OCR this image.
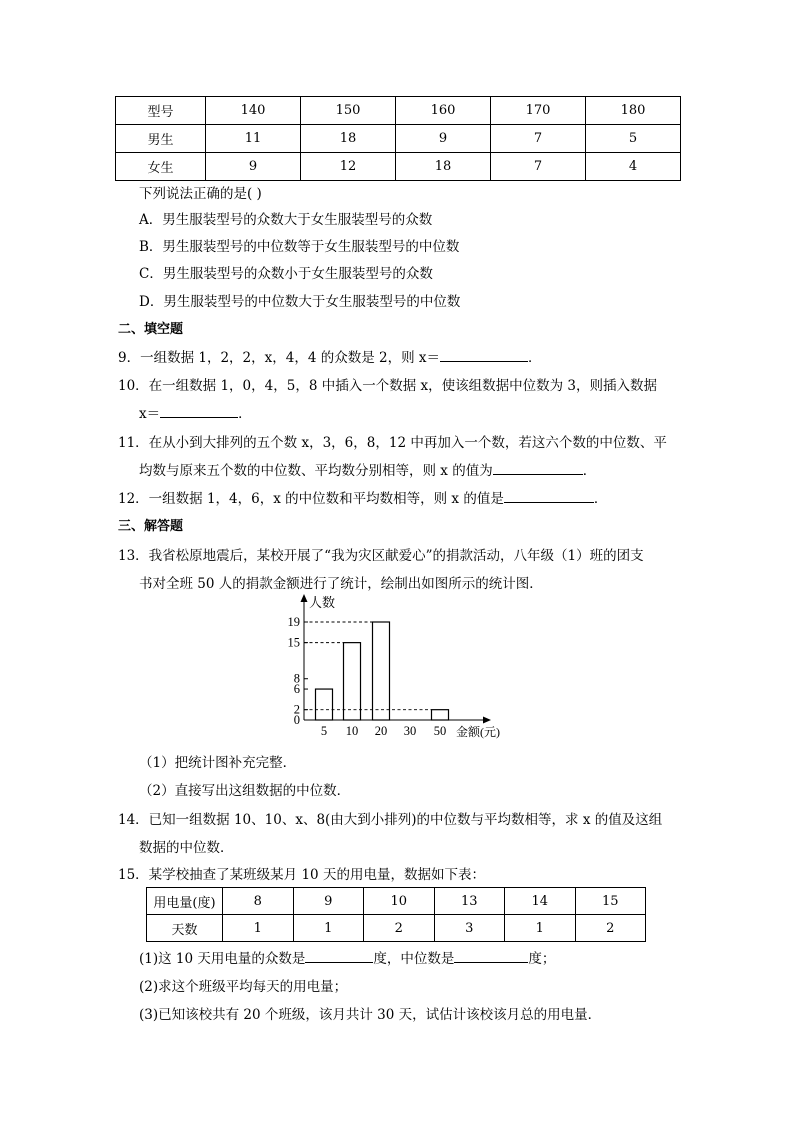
型号	140	150	160	170	180
男生	11	18	9	7	5
女生	9	12	18	7	4
下列说法正确的是( )
A．男生服装型号的众数大于女生服装型号的众数
B．男生服装型号的中位数等于女生服装型号的中位数
C．男生服装型号的众数小于女生服装型号的众数
D．男生服装型号的中位数大于女生服装型号的中位数
二、填空题
9．一组数据 1，2，2，x，4，4 的众数是 2，则 x＝	．
10．在一组数据 1，0，4，5，8 中插入一个数据 x，使该组数据中位数为 3，则插入数据
x＝	．
11．在从小到大排列的五个数 x，3，6，8，12 中再加入一个数，若这六个数的中位数、平
均数与原来五个数的中位数、平均数分别相等，则 x 的值为	．
12．一组数据 1，4，6，x 的中位数和平均数相等，则 x 的值是	．
三、解答题
13．我省松原地震后，某校开展了“我为灾区献爱心”的捐款活动，八年级（1）班的团支
书对全班 50 人的捐款金额进行了统计，绘制出如图所示的统计图．
人数
金额(元)
0
2
6
8
15
19
5 10 20 30 50
（1）把统计图补充完整．
（2）直接写出这组数据的中位数．
14．已知一组数据 10、10、x、8(由大到小排列)的中位数与平均数相等，求 x 的值及这组
数据的中位数．
15．某学校抽查了某班级某月 10 天的用电量，数据如下表：
用电量(度)	8	9	10	13	14	15
天数	1	1	2	3	1	2
(1)这 10 天用电量的众数是	度，中位数是	度；
(2)求这个班级平均每天的用电量；
(3)已知该校共有 20 个班级，该月共计 30 天，试估计该校该月总的用电量．
